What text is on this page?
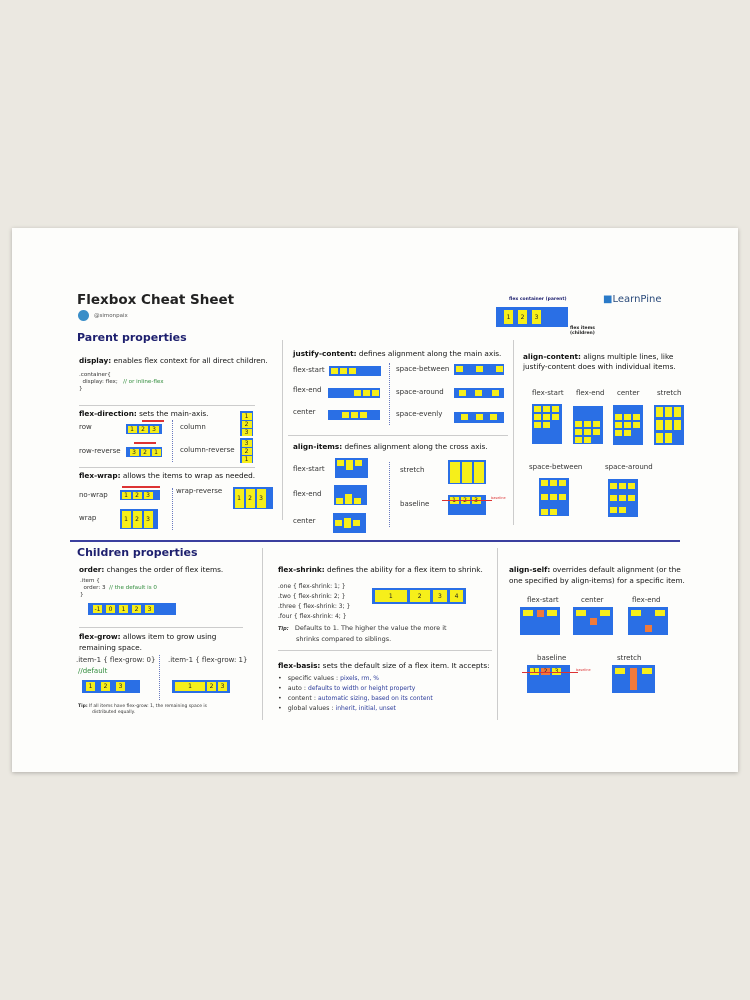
Flexbox Cheat Sheet
@simonpaix
Parent properties
flex container (parent)
1	2	3
flex items
(children)
■LearnPine
display: enables flex context for all direct children.
.container{
display: flex; // or inline-flex
}
flex-direction: sets the main-axis.
row
row-reverse
column
column-reverse
1	2	3
3	2	1
1
2
3
3
2
1
flex-wrap: allows the items to wrap as needed.
no-wrap
wrap
wrap-reverse
1	2	3
1	2	3
1	2	3
justify-content: defines alignment along the main axis.
flex-start
flex-end
center
space-between
space-around
space-evenly
align-items: defines alignment along the cross axis.
flex-start
flex-end
center
stretch
baseline
baseline
align-content: aligns multiple lines, like
justify-content does with individual items.
flex-start flex-end center stretch
space-between	space-around
Children properties
order: changes the order of flex items.
.item {
order: 3 // the default is 0
}
-1	0	1	2	3
flex-grow: allows item to grow using
remaining space.
.item-1 { flex-grow: 0} .item-1 { flex-grow: 1}
//default
1	2	3	1	2	3
Tip: If all items have flex-grow: 1, the remaining space is
distributed equally.
flex-shrink: defines the ability for a flex item to shrink.
.one { flex-shrink: 1; }
.two { flex-shrink: 2; }
.three { flex-shrink: 3; }
.four { flex-shrink: 4; }
1	2	3	4
Tip: Defaults to 1. The higher the value the more it
shrinks compared to siblings.
flex-basis: sets the default size of a flex item. It accepts:
•   specific values : pixels, rm, %
•   auto : defaults to width or height property
•   content : automatic sizing, based on its content
•   global values : inherit, initial, unset
align-self: overrides default alignment (or the
one specified by align-items) for a specific item.
flex-start	center	flex-end
baseline	stretch
baseline
